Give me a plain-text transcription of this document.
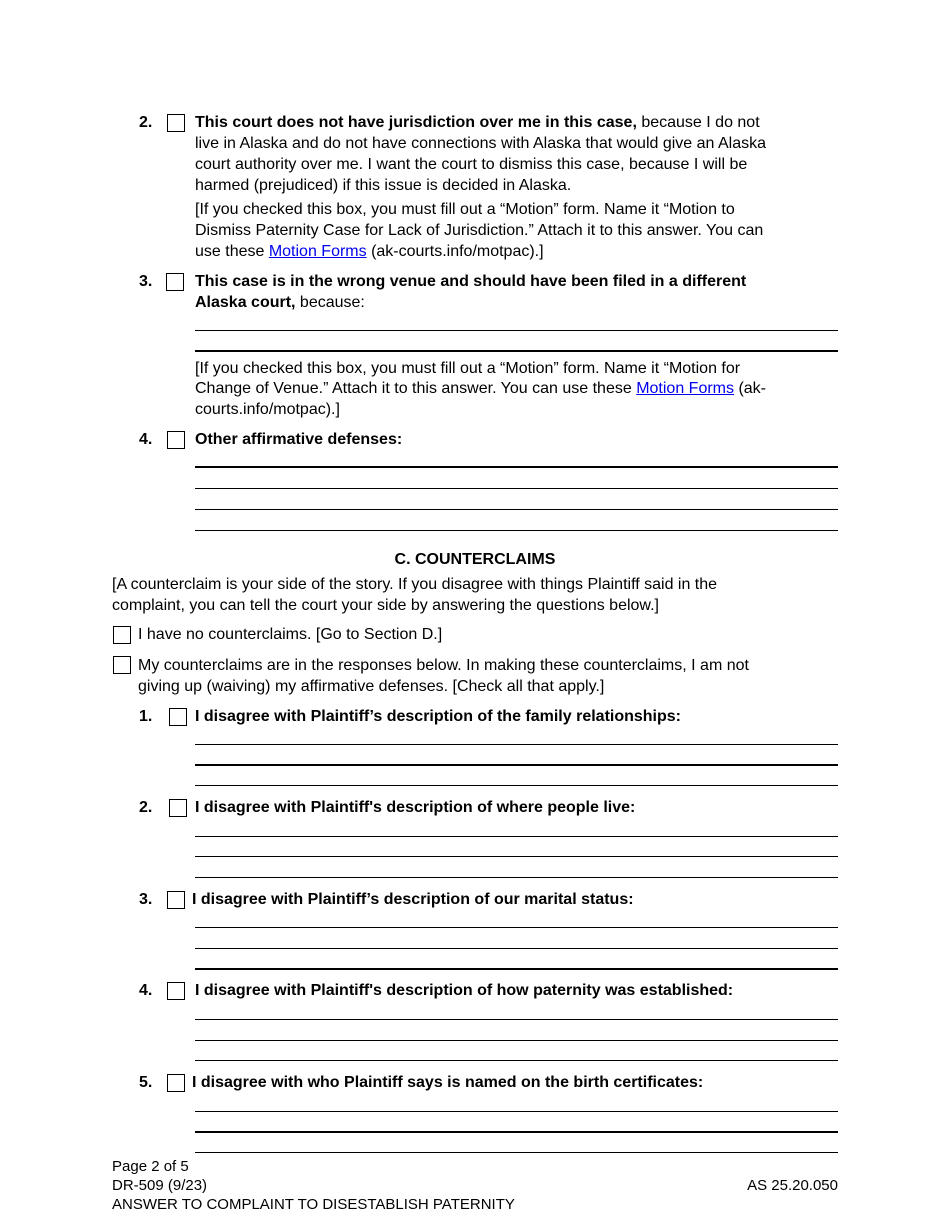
2.	This court does not have jurisdiction over me in this case, because I do not
live in Alaska and do not have connections with Alaska that would give an Alaska
court authority over me. I want the court to dismiss this case, because I will be
harmed (prejudiced) if this issue is decided in Alaska.
[If you checked this box, you must fill out a “Motion” form. Name it “Motion to
Dismiss Paternity Case for Lack of Jurisdiction.” Attach it to this answer. You can
use these Motion Forms (ak-courts.info/motpac).]
3.	This case is in the wrong venue and should have been filed in a different
Alaska court, because:
[If you checked this box, you must fill out a “Motion” form. Name it “Motion for
Change of Venue.” Attach it to this answer. You can use these Motion Forms (ak-
courts.info/motpac).]
4.	Other affirmative defenses:
C. COUNTERCLAIMS
[A counterclaim is your side of the story. If you disagree with things Plaintiff said in the
complaint, you can tell the court your side by answering the questions below.]
I have no counterclaims. [Go to Section D.]
My counterclaims are in the responses below. In making these counterclaims, I am not
giving up (waiving) my affirmative defenses. [Check all that apply.]
1.	I disagree with Plaintiff’s description of the family relationships:
2.	I disagree with Plaintiff's description of where people live:
3. I disagree with Plaintiff’s description of our marital status:
4.	I disagree with Plaintiff's description of how paternity was established:
5. I disagree with who Plaintiff says is named on the birth certificates:
Page 2 of 5
DR-509 (9/23)
ANSWER TO COMPLAINT TO DISESTABLISH PATERNITY
AS 25.20.050
